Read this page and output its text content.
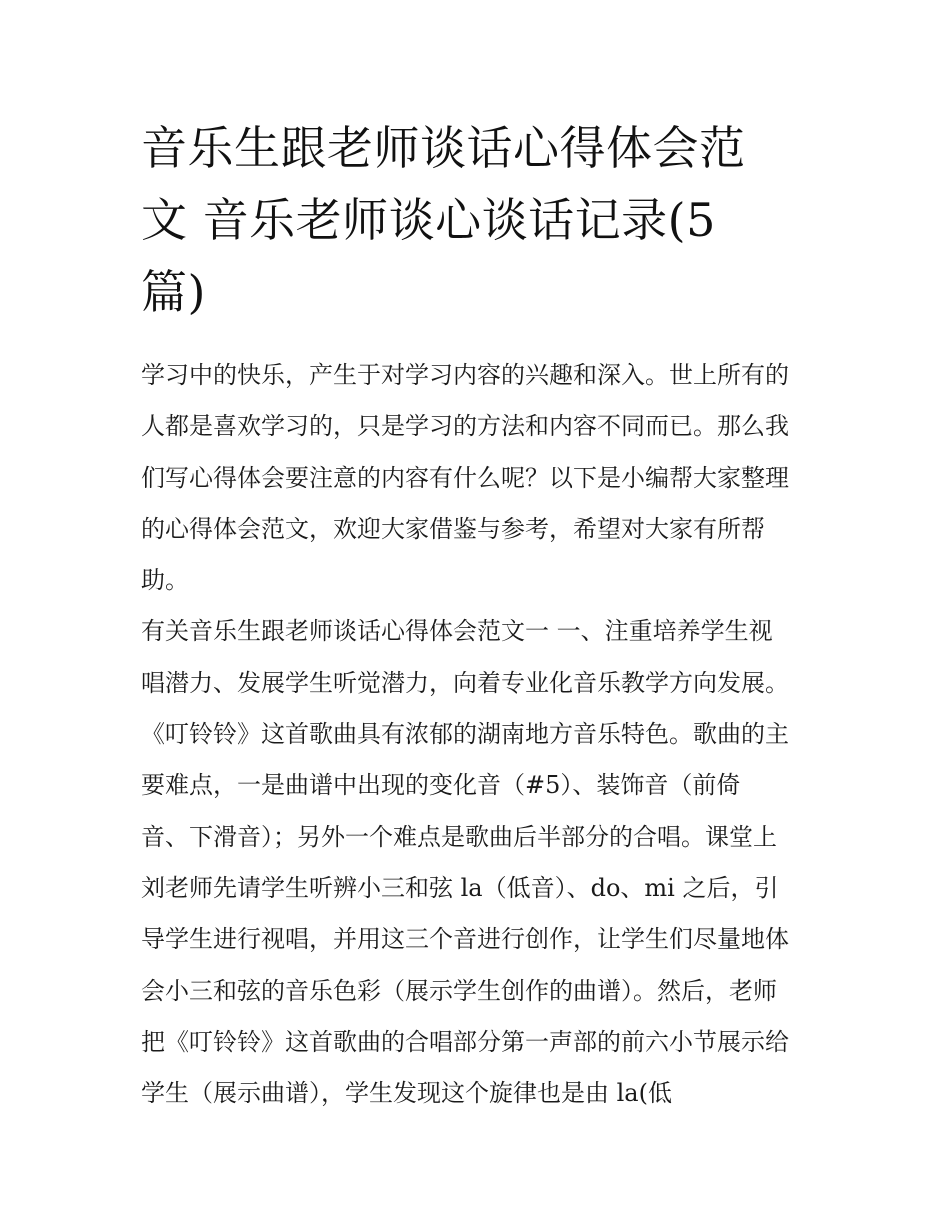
音乐生跟老师谈话心得体会范
文 音乐老师谈心谈话记录(5
篇)
学习中的快乐，产生于对学习内容的兴趣和深入。世上所有的
人都是喜欢学习的，只是学习的方法和内容不同而已。那么我
们写心得体会要注意的内容有什么呢？以下是小编帮大家整理
的心得体会范文，欢迎大家借鉴与参考，希望对大家有所帮
助。
有关音乐生跟老师谈话心得体会范文一 一、注重培养学生视
唱潜力、发展学生听觉潜力，向着专业化音乐教学方向发展。
《叮铃铃》这首歌曲具有浓郁的湖南地方音乐特色。歌曲的主
要难点，一是曲谱中出现的变化音（#5）、装饰音（前倚
音、下滑音）；另外一个难点是歌曲后半部分的合唱。课堂上
刘老师先请学生听辨小三和弦 la（低音）、do、mi 之后，引
导学生进行视唱，并用这三个音进行创作，让学生们尽量地体
会小三和弦的音乐色彩（展示学生创作的曲谱）。然后，老师
把《叮铃铃》这首歌曲的合唱部分第一声部的前六小节展示给
学生（展示曲谱），学生发现这个旋律也是由 la(低
